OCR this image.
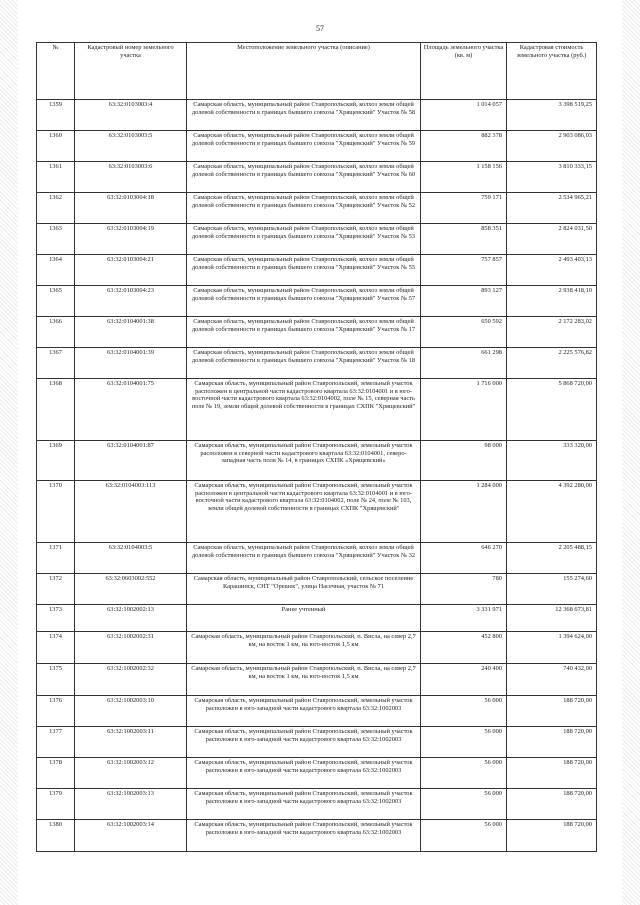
57
№	Кадастровый номер земельного участка	Местоположение земельного участка (описание)	Площадь земельного участка (кв. м)	Кадастровая стоимость земельного участка (руб.)
1359	63:32:0103003:4	Самарская область, муниципальный район Ставропольский, колхоз земли общей долевой собственности в границах бывшего совхоза "Хрящевский" Участок № 58	1 014 057	3 398 519,25
1360	63:32:0103003:5	Самарская область, муниципальный район Ставропольский, колхоз земли общей долевой собственности в границах бывшего совхоза "Хрящевский" Участок № 59	882 378	2 903 086,03
1361	63:32:0103003:6	Самарская область, муниципальный район Ставропольский, колхоз земли общей долевой собственности в границах бывшего совхоза "Хрящевский" Участок № 60	1 158 156	3 810 333,15
1362	63:32:0103004:18	Самарская область, муниципальный район Ставропольский, колхоз земли общей долевой собственности в границах бывшего совхоза "Хрящевский" Участок № 52	759 171	2 534 965,21
1363	63:32:0103004:19	Самарская область, муниципальный район Ставропольский, колхоз земли общей долевой собственности в границах бывшего совхоза "Хрящевский" Участок № 53	858 351	2 824 031,50
1364	63:32:0103004:21	Самарская область, муниципальный район Ставропольский, колхоз земли общей долевой собственности в границах бывшего совхоза "Хрящевский" Участок № 55	757 857	2 493 403,13
1365	63:32:0103004:23	Самарская область, муниципальный район Ставропольский, колхоз земли общей долевой собственности в границах бывшего совхоза "Хрящевский" Участок № 57	893 127	2 938 418,10
1366	63:32:0104001:38	Самарская область, муниципальный район Ставропольский, колхоз земли общей долевой собственности в границах бывшего совхоза "Хрящевский" Участок № 17	650 592	2 172 283,02
1367	63:32:0104001:39	Самарская область, муниципальный район Ставропольский, колхоз земли общей долевой собственности в границах бывшего совхоза "Хрящевский" Участок № 18	661 298	2 225 576,82
1368	63:32:0104001:75	Самарская область, муниципальный район Ставропольский, земельный участок расположен в центральной части кадастрового квартала 63:32:0104001 и в юго-восточной части кадастрового квартала 63:32:0104002, поле № 15, северная часть поле № 19, земли общей долевой собственности в границах СХПК "Хрящевский"	1 716 000	5 868 720,00
1369	63:32:0104001:87	Самарская область, муниципальный район Ставропольский, земельный участок расположен в северной части кадастрового квартала 63:32:0104001, северо-западная часть поля № 14, в границах СХПК «Хрящевский»	98 000	333 320,00
1370	63:32:0104003:113	Самарская область, муниципальный район Ставропольский, земельный участок расположен в центральной части кадастрового квартала 63:32:0104001 и в юго-восточной части кадастрового квартала 63:32:0104002, поле № 24, поле № 103, земли общей долевой собственности в границах СХПК "Хрящевский"	1 284 000	4 392 280,00
1371	63:32:0104003:5	Самарская область, муниципальный район Ставропольский, колхоз земли общей долевой собственности в границах бывшего совхоза "Хрящевский" Участок № 32	646 270	2 205 488,15
1372	63:32:0603002:552	Самарская область, муниципальный район Ставропольский, сельское поселение Карашинск, СНТ "Орешек", улица Насечная, участок № 71	780	155 274,60
1373	63:32:1002002:13	Ранее учтенный	3 331 971	12 368 673,81
1374	63:32:1002002:31	Самарская область, муниципальный район Ставропольский, п. Висла, на север 2,7 км, на восток 1 км, на юго-восток 1,5 км	452 800	1 394 624,00
1375	63:32:1002002:32	Самарская область, муниципальный район Ставропольский, п. Висла, на север 2,7 км, на восток 1 км, на юго-восток 1,5 км	240 400	740 432,00
1376	63:32:1002003:10	Самарская область, муниципальный район Ставропольский, земельный участок расположен в юго-западной части кадастрового квартала 63:32:1002003	56 000	188 720,00
1377	63:32:1002003:11	Самарская область, муниципальный район Ставропольский, земельный участок расположен в юго-западной части кадастрового квартала 63:32:1002003	56 000	188 720,00
1378	63:32:1002003:12	Самарская область, муниципальный район Ставропольский, земельный участок расположен в юго-западной части кадастрового квартала 63:32:1002003	56 000	188 720,00
1379	63:32:1002003:13	Самарская область, муниципальный район Ставропольский, земельный участок расположен в юго-западной части кадастрового квартала 63:32:1002003	56 000	188 720,00
1380	63:32:1002003:14	Самарская область, муниципальный район Ставропольский, земельный участок расположен в юго-западной части кадастрового квартала 63:32:1002003	56 000	188 720,00
